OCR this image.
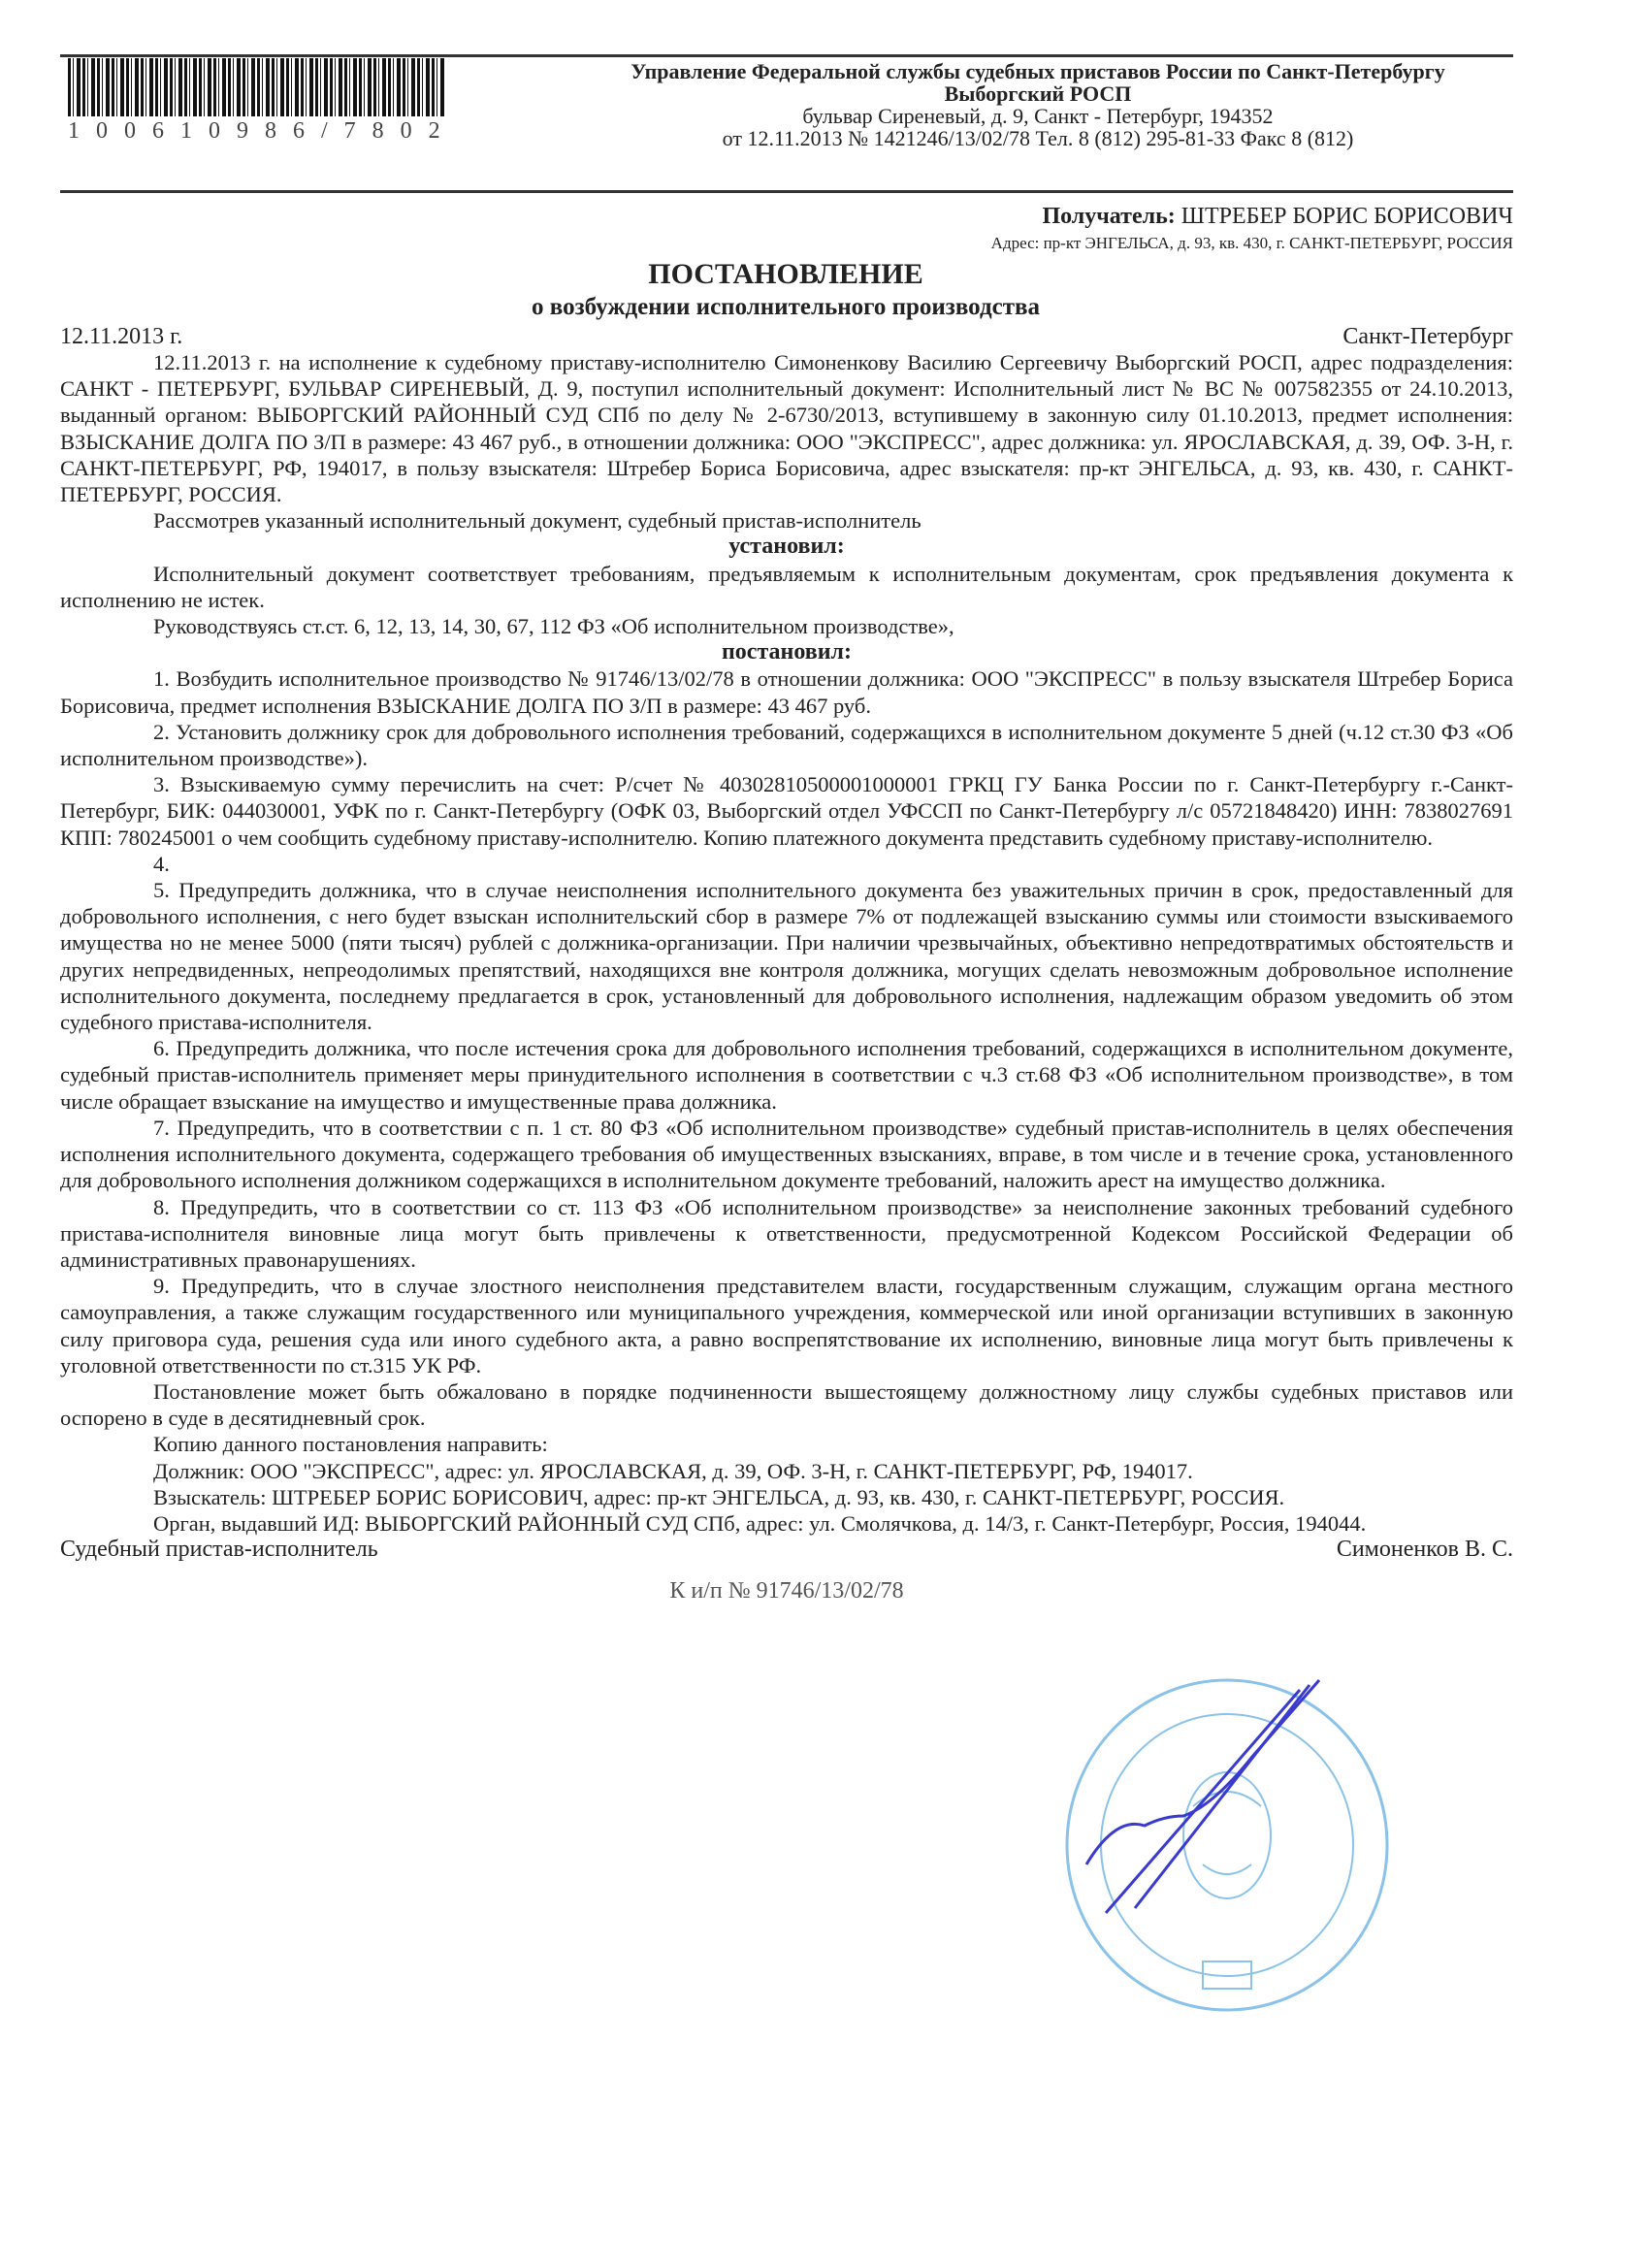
100610986/7802
Управление Федеральной службы судебных приставов России по Санкт-Петербургу
Выборгский РОСП
бульвар Сиреневый, д. 9, Санкт - Петербург, 194352
от 12.11.2013 № 1421246/13/02/78 Тел. 8 (812) 295-81-33 Факс 8 (812)
Получатель: ШТРЕБЕР БОРИС БОРИСОВИЧ
Адрес: пр-кт ЭНГЕЛЬСА, д. 93, кв. 430, г. САНКТ-ПЕТЕРБУРГ, РОССИЯ
ПОСТАНОВЛЕНИЕ
о возбуждении исполнительного производства
12.11.2013 г.	Санкт-Петербург

12.11.2013 г. на исполнение к судебному приставу-исполнителю Симоненкову Василию Сергеевичу Выборгский РОСП, адрес подразделения: САНКТ - ПЕТЕРБУРГ, БУЛЬВАР СИРЕНЕВЫЙ, Д. 9, поступил исполнительный документ: Исполнительный лист № ВС № 007582355 от 24.10.2013, выданный органом: ВЫБОРГСКИЙ РАЙОННЫЙ СУД СПб по делу № 2-6730/2013, вступившему в законную силу 01.10.2013, предмет исполнения: ВЗЫСКАНИЕ ДОЛГА ПО З/П в размере: 43 467 руб., в отношении должника: ООО "ЭКСПРЕСС", адрес должника: ул. ЯРОСЛАВСКАЯ, д. 39, ОФ. 3-Н, г. САНКТ-ПЕТЕРБУРГ, РФ, 194017, в пользу взыскателя: Штребер Бориса Борисовича, адрес взыскателя: пр-кт ЭНГЕЛЬСА, д. 93, кв. 430, г. САНКТ-ПЕТЕРБУРГ, РОССИЯ.

Рассмотрев указанный исполнительный документ, судебный пристав-исполнитель

установил:

Исполнительный документ соответствует требованиям, предъявляемым к исполнительным документам, срок предъявления документа к исполнению не истек.

Руководствуясь ст.ст. 6, 12, 13, 14, 30, 67, 112 ФЗ «Об исполнительном производстве»,

постановил:

1. Возбудить исполнительное производство № 91746/13/02/78 в отношении должника: ООО "ЭКСПРЕСС" в пользу взыскателя Штребер Бориса Борисовича, предмет исполнения ВЗЫСКАНИЕ ДОЛГА ПО З/П в размере: 43 467 руб.

2. Установить должнику срок для добровольного исполнения требований, содержащихся в исполнительном документе 5 дней (ч.12 ст.30 ФЗ «Об исполнительном производстве»).

3. Взыскиваемую сумму перечислить на счет: Р/счет № 40302810500001000001 ГРКЦ ГУ Банка России по г. Санкт-Петербургу г.-Санкт-Петербург, БИК: 044030001, УФК по г. Санкт-Петербургу (ОФК 03, Выборгский отдел УФССП по Санкт-Петербургу л/с 05721848420) ИНН: 7838027691 КПП: 780245001 о чем сообщить судебному приставу-исполнителю. Копию платежного документа представить судебному приставу-исполнителю.

4.

5. Предупредить должника, что в случае неисполнения исполнительного документа без уважительных причин в срок, предоставленный для добровольного исполнения, с него будет взыскан исполнительский сбор в размере 7% от подлежащей взысканию суммы или стоимости взыскиваемого имущества но не менее 5000 (пяти тысяч) рублей с должника-организации. При наличии чрезвычайных, объективно непредотвратимых обстоятельств и других непредвиденных, непреодолимых препятствий, находящихся вне контроля должника, могущих сделать невозможным добровольное исполнение исполнительного документа, последнему предлагается в срок, установленный для добровольного исполнения, надлежащим образом уведомить об этом судебного пристава-исполнителя.

6. Предупредить должника, что после истечения срока для добровольного исполнения требований, содержащихся в исполнительном документе, судебный пристав-исполнитель применяет меры принудительного исполнения в соответствии с ч.3 ст.68 ФЗ «Об исполнительном производстве», в том числе обращает взыскание на имущество и имущественные права должника.

7. Предупредить, что в соответствии с п. 1 ст. 80 ФЗ «Об исполнительном производстве» судебный пристав-исполнитель в целях обеспечения исполнения исполнительного документа, содержащего требования об имущественных взысканиях, вправе, в том числе и в течение срока, установленного для добровольного исполнения должником содержащихся в исполнительном документе требований, наложить арест на имущество должника.

8. Предупредить, что в соответствии со ст. 113 ФЗ «Об исполнительном производстве» за неисполнение законных требований судебного пристава-исполнителя виновные лица могут быть привлечены к ответственности, предусмотренной Кодексом Российской Федерации об административных правонарушениях.

9. Предупредить, что в случае злостного неисполнения представителем власти, государственным служащим, служащим органа местного самоуправления, а также служащим государственного или муниципального учреждения, коммерческой или иной организации вступивших в законную силу приговора суда, решения суда или иного судебного акта, а равно воспрепятствование их исполнению, виновные лица могут быть привлечены к уголовной ответственности по ст.315 УК РФ.

Постановление может быть обжаловано в порядке подчиненности вышестоящему должностному лицу службы судебных приставов или оспорено в суде в десятидневный срок.

Копию данного постановления направить:

Должник: ООО "ЭКСПРЕСС", адрес: ул. ЯРОСЛАВСКАЯ, д. 39, ОФ. 3-Н, г. САНКТ-ПЕТЕРБУРГ, РФ, 194017.

Взыскатель: ШТРЕБЕР БОРИС БОРИСОВИЧ, адрес: пр-кт ЭНГЕЛЬСА, д. 93, кв. 430, г. САНКТ-ПЕТЕРБУРГ, РОССИЯ.

Орган, выдавший ИД: ВЫБОРГСКИЙ РАЙОННЫЙ СУД СПб, адрес: ул. Смолячкова, д. 14/3, г. Санкт-Петербург, Россия, 194044.

Судебный пристав-исполнитель	Симоненков В. С.
К и/п № 91746/13/02/78
